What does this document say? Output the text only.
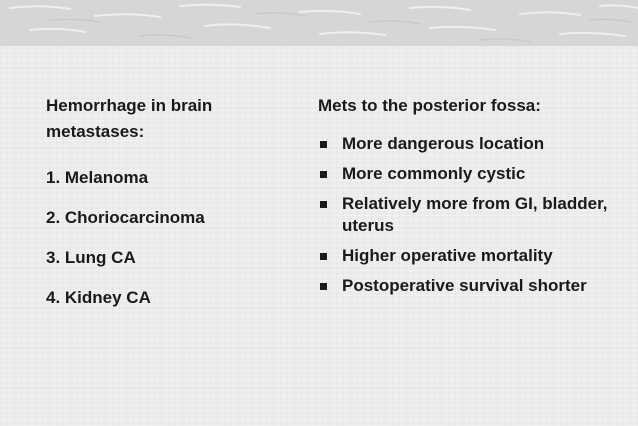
Hemorrhage in brain metastases:
1. Melanoma
2. Choriocarcinoma
3. Lung CA
4. Kidney CA
Mets to the posterior fossa:
More dangerous location
More commonly cystic
Relatively more from GI, bladder, uterus
Higher operative mortality
Postoperative survival shorter
